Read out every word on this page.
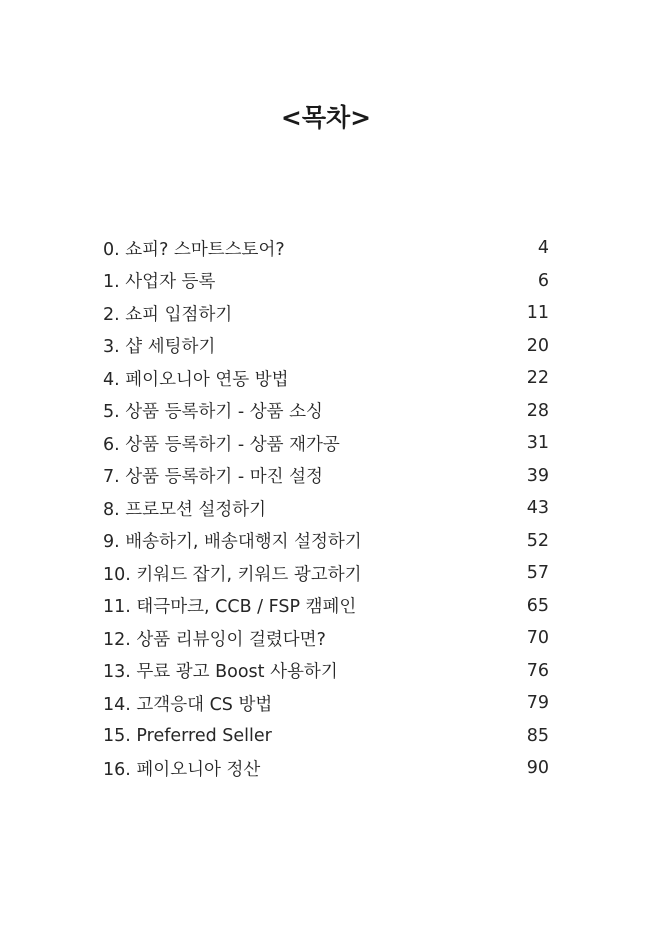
<목차>
0. 쇼피? 스마트스토어?	4
1. 사업자 등록	6
2. 쇼피 입점하기	11
3. 샵 세팅하기	20
4. 페이오니아 연동 방법	22
5. 상품 등록하기 - 상품 소싱	28
6. 상품 등록하기 - 상품 재가공	31
7. 상품 등록하기 - 마진 설정	39
8. 프로모션 설정하기	43
9. 배송하기, 배송대행지 설정하기	52
10. 키워드 잡기, 키워드 광고하기	57
11. 태극마크, CCB / FSP 캠페인	65
12. 상품 리뷰잉이 걸렸다면?	70
13. 무료 광고 Boost 사용하기	76
14. 고객응대 CS 방법	79
15. Preferred Seller	85
16. 페이오니아 정산	90
